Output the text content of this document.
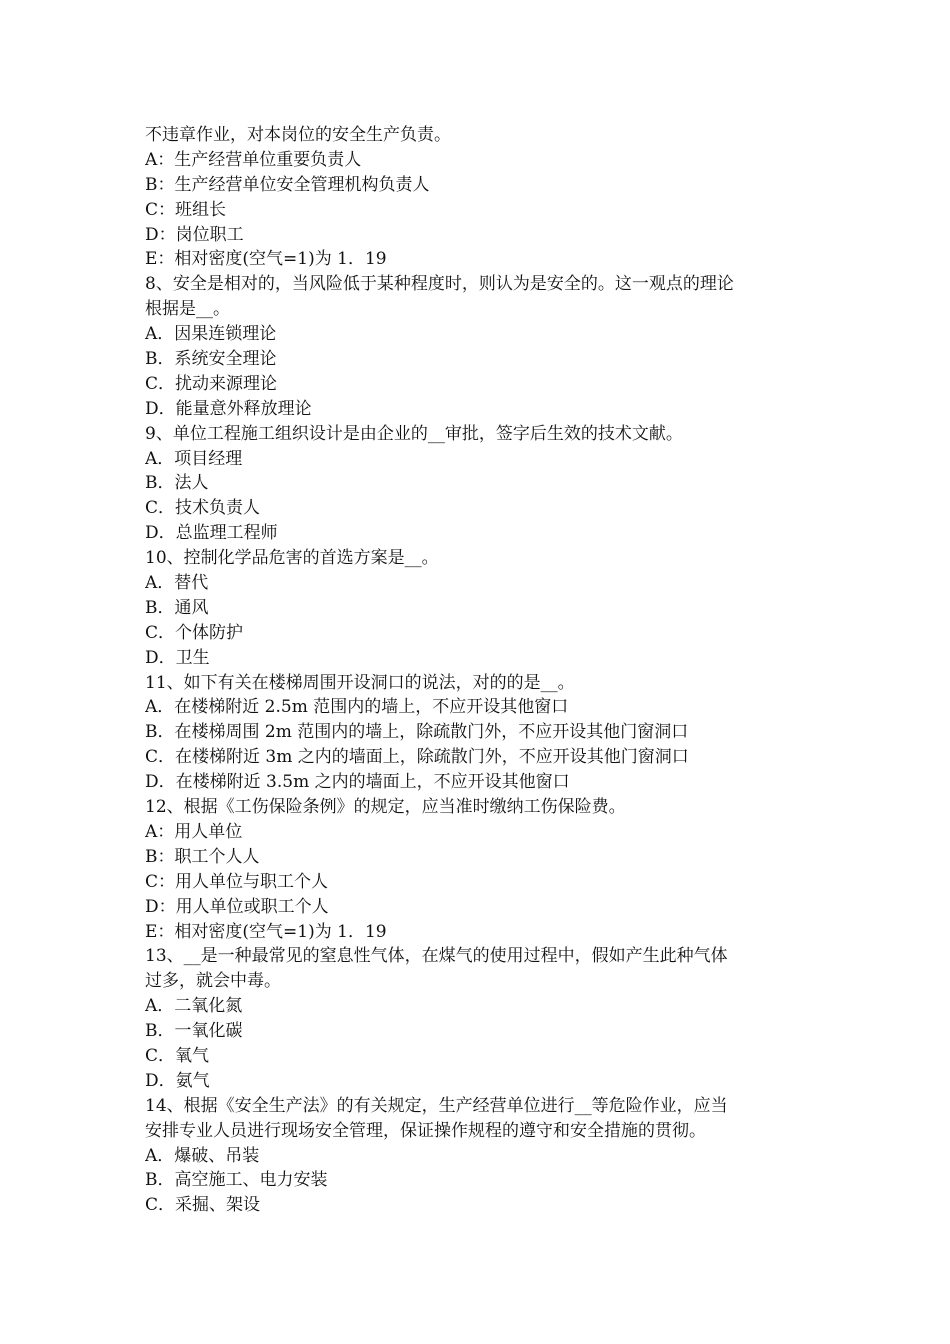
不违章作业，对本岗位的安全生产负责。
A：生产经营单位重要负责人
B：生产经营单位安全管理机构负责人
C：班组长
D：岗位职工
E：相对密度(空气=1)为 1．19
8、安全是相对的，当风险低于某种程度时，则认为是安全的。这一观点的理论
根据是__。
A．因果连锁理论
B．系统安全理论
C．扰动来源理论
D．能量意外释放理论
9、单位工程施工组织设计是由企业的__审批，签字后生效的技术文献。
A．项目经理
B．法人
C．技术负责人
D．总监理工程师
10、控制化学品危害的首选方案是__。
A．替代
B．通风
C．个体防护
D．卫生
11、如下有关在楼梯周围开设洞口的说法，对的的是__。
A．在楼梯附近 2.5m 范围内的墙上，不应开设其他窗口
B．在楼梯周围 2m 范围内的墙上，除疏散门外，不应开设其他门窗洞口
C．在楼梯附近 3m 之内的墙面上，除疏散门外，不应开设其他门窗洞口
D．在楼梯附近 3.5m 之内的墙面上，不应开设其他窗口
12、根据《工伤保险条例》的规定，应当准时缴纳工伤保险费。
A：用人单位
B：职工个人人
C：用人单位与职工个人
D：用人单位或职工个人
E：相对密度(空气=1)为 1．19
13、__是一种最常见的窒息性气体，在煤气的使用过程中，假如产生此种气体
过多，就会中毒。
A．二氧化氮
B．一氧化碳
C．氧气
D．氨气
14、根据《安全生产法》的有关规定，生产经营单位进行__等危险作业，应当
安排专业人员进行现场安全管理，保证操作规程的遵守和安全措施的贯彻。
A．爆破、吊装
B．高空施工、电力安装
C．采掘、架设
